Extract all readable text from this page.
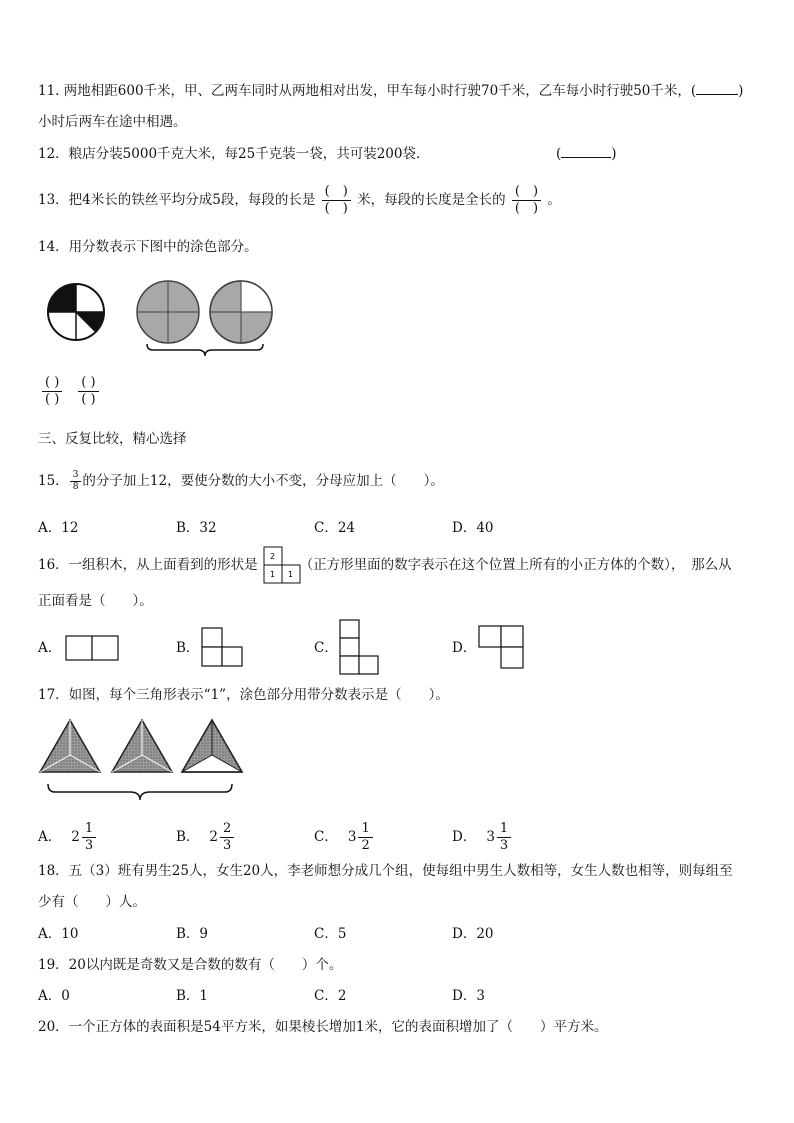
11. 两地相距600千米，甲、乙两车同时从两地相对出发，甲车每小时行驶70千米，乙车每小时行驶50千米，(	)
小时后两车在途中相遇。
12．粮店分装5000千克大米，每25千克装一袋，共可装200袋．	(	)
13．把4米长的铁丝平均分成5段，每段的长是 $\frac{( )}{( )}$ 米，每段的长度是全长的 $\frac{( )}{( )}$ 。
14．用分数表示下图中的涂色部分。
$\frac{( )}{( )} \frac{( )}{( )}$
三、反复比较，精心选择
15． $\frac{3}{8}$ 的分子加上12，要使分数的大小不变，分母应加上（　　）。
A．12	B．32	C．24	D．40
16．一组积木，从上面看到的形状是	（正方形里面的数字表示在这个位置上所有的小正方体的个数），　那么从
2
1 1
正面看是（　　）。
A．	B．	C．	D．
17．如图，每个三角形表示“1”，涂色部分用带分数表示是（　　）。
A． $2 \frac{1}{3}$	B． $2 \frac{2}{3}$	C． $3 \frac{1}{2}$	D． $3 \frac{1}{3}$
18．五（3）班有男生25人，女生20人，李老师想分成几个组，使每组中男生人数相等，女生人数也相等，则每组至
少有（　　）人。
A．10	B．9	C．5	D．20
19．20以内既是奇数又是合数的数有（　　）个。
A．0	B．1	C．2	D．3
20．一个正方体的表面积是54平方米，如果棱长增加1米，它的表面积增加了（　　）平方米。
